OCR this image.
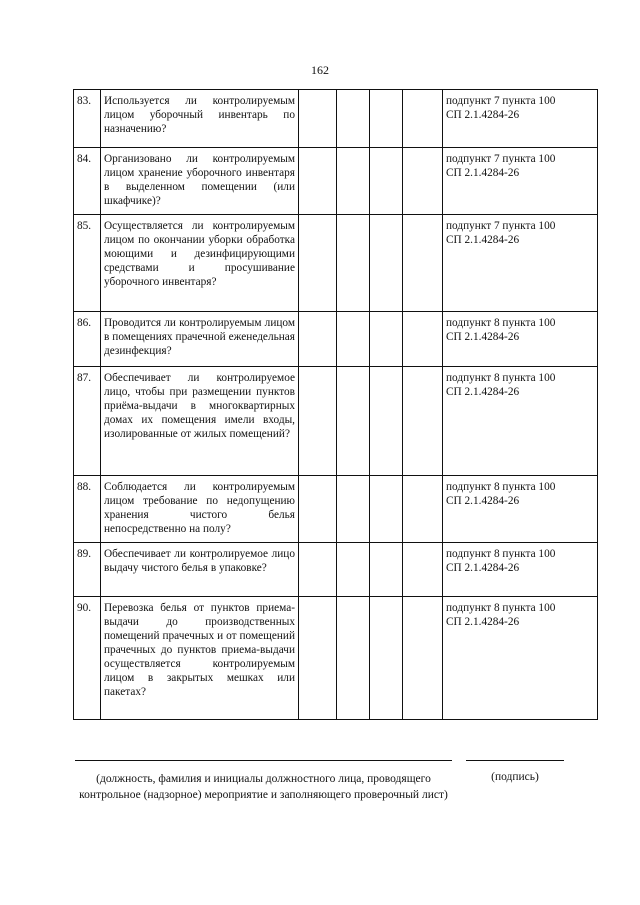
162
83.	Используется ли контролируемым лицом уборочный инвентарь по назначению?					подпункт 7 пункта 100
СП 2.1.4284-26

84.	Организовано ли контролируемым лицом хранение уборочного инвентаря в выделенном помещении (или шкафчике)?					подпункт 7 пункта 100
СП 2.1.4284-26

85.	Осуществляется ли контролируемым лицом по окончании уборки обработка моющими и дезинфицирующими средствами и просушивание уборочного инвентаря?					подпункт 7 пункта 100
СП 2.1.4284-26

86.	Проводится ли контролируемым лицом в помещениях прачечной еженедельная дезинфекция?					подпункт 8 пункта 100
СП 2.1.4284-26

87.	Обеспечивает ли контролируемое лицо, чтобы при размещении пунктов приёма-выдачи в многоквартирных домах их помещения имели входы, изолированные от жилых помещений?					подпункт 8 пункта 100
СП 2.1.4284-26

88.	Соблюдается ли контролируемым лицом требование по недопущению хранения чистого белья непосредственно на полу?					подпункт 8 пункта 100
СП 2.1.4284-26

89.	Обеспечивает ли контролируемое лицо выдачу чистого белья в упаковке?					подпункт 8 пункта 100
СП 2.1.4284-26

90.	Перевозка белья от пунктов приема-выдачи до производственных помещений прачечных и от помещений прачечных до пунктов приема-выдачи осуществляется контролируемым лицом в закрытых мешках или пакетах?					подпункт 8 пункта 100
СП 2.1.4284-26
(должность, фамилия и инициалы должностного лица, проводящего контрольное (надзорное) мероприятие и заполняющего проверочный лист)
(подпись)
